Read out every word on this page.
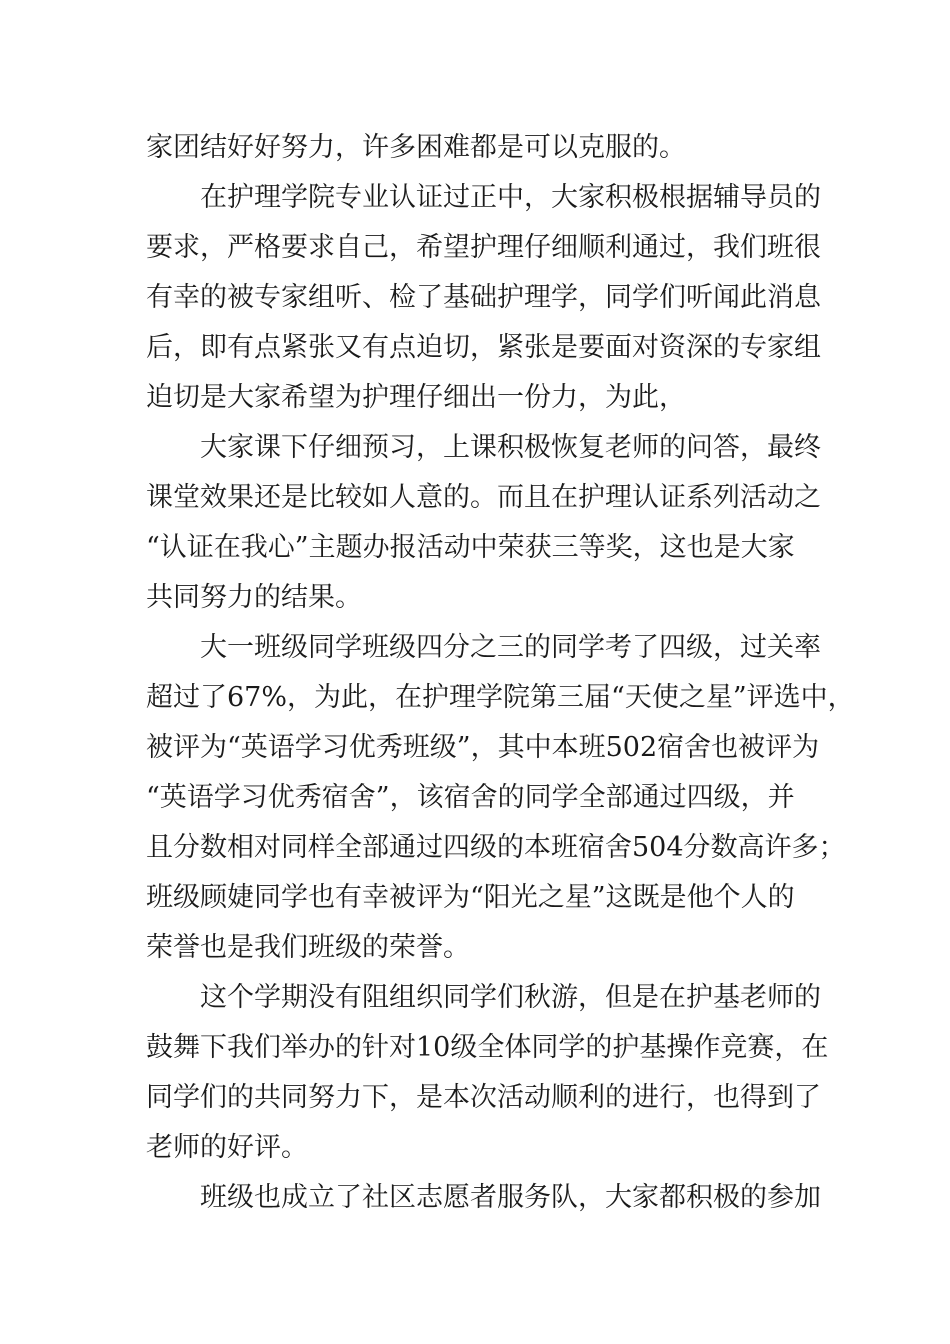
家团结好好努力，许多困难都是可以克服的。
在护理学院专业认证过正中，大家积极根据辅导员的
要求，严格要求自己，希望护理仔细顺利通过，我们班很
有幸的被专家组听、检了基础护理学，同学们听闻此消息
后，即有点紧张又有点迫切，紧张是要面对资深的专家组
迫切是大家希望为护理仔细出一份力，为此，
大家课下仔细预习，上课积极恢复老师的问答，最终
课堂效果还是比较如人意的。而且在护理认证系列活动之
“认证在我心”主题办报活动中荣获三等奖，这也是大家
共同努力的结果。
大一班级同学班级四分之三的同学考了四级，过关率
超过了67%，为此，在护理学院第三届“天使之星”评选中，
被评为“英语学习优秀班级”，其中本班502宿舍也被评为
“英语学习优秀宿舍”，该宿舍的同学全部通过四级，并
且分数相对同样全部通过四级的本班宿舍504分数高许多；
班级顾婕同学也有幸被评为“阳光之星”这既是他个人的
荣誉也是我们班级的荣誉。
这个学期没有阻组织同学们秋游，但是在护基老师的
鼓舞下我们举办的针对10级全体同学的护基操作竞赛，在
同学们的共同努力下，是本次活动顺利的进行，也得到了
老师的好评。
班级也成立了社区志愿者服务队，大家都积极的参加
